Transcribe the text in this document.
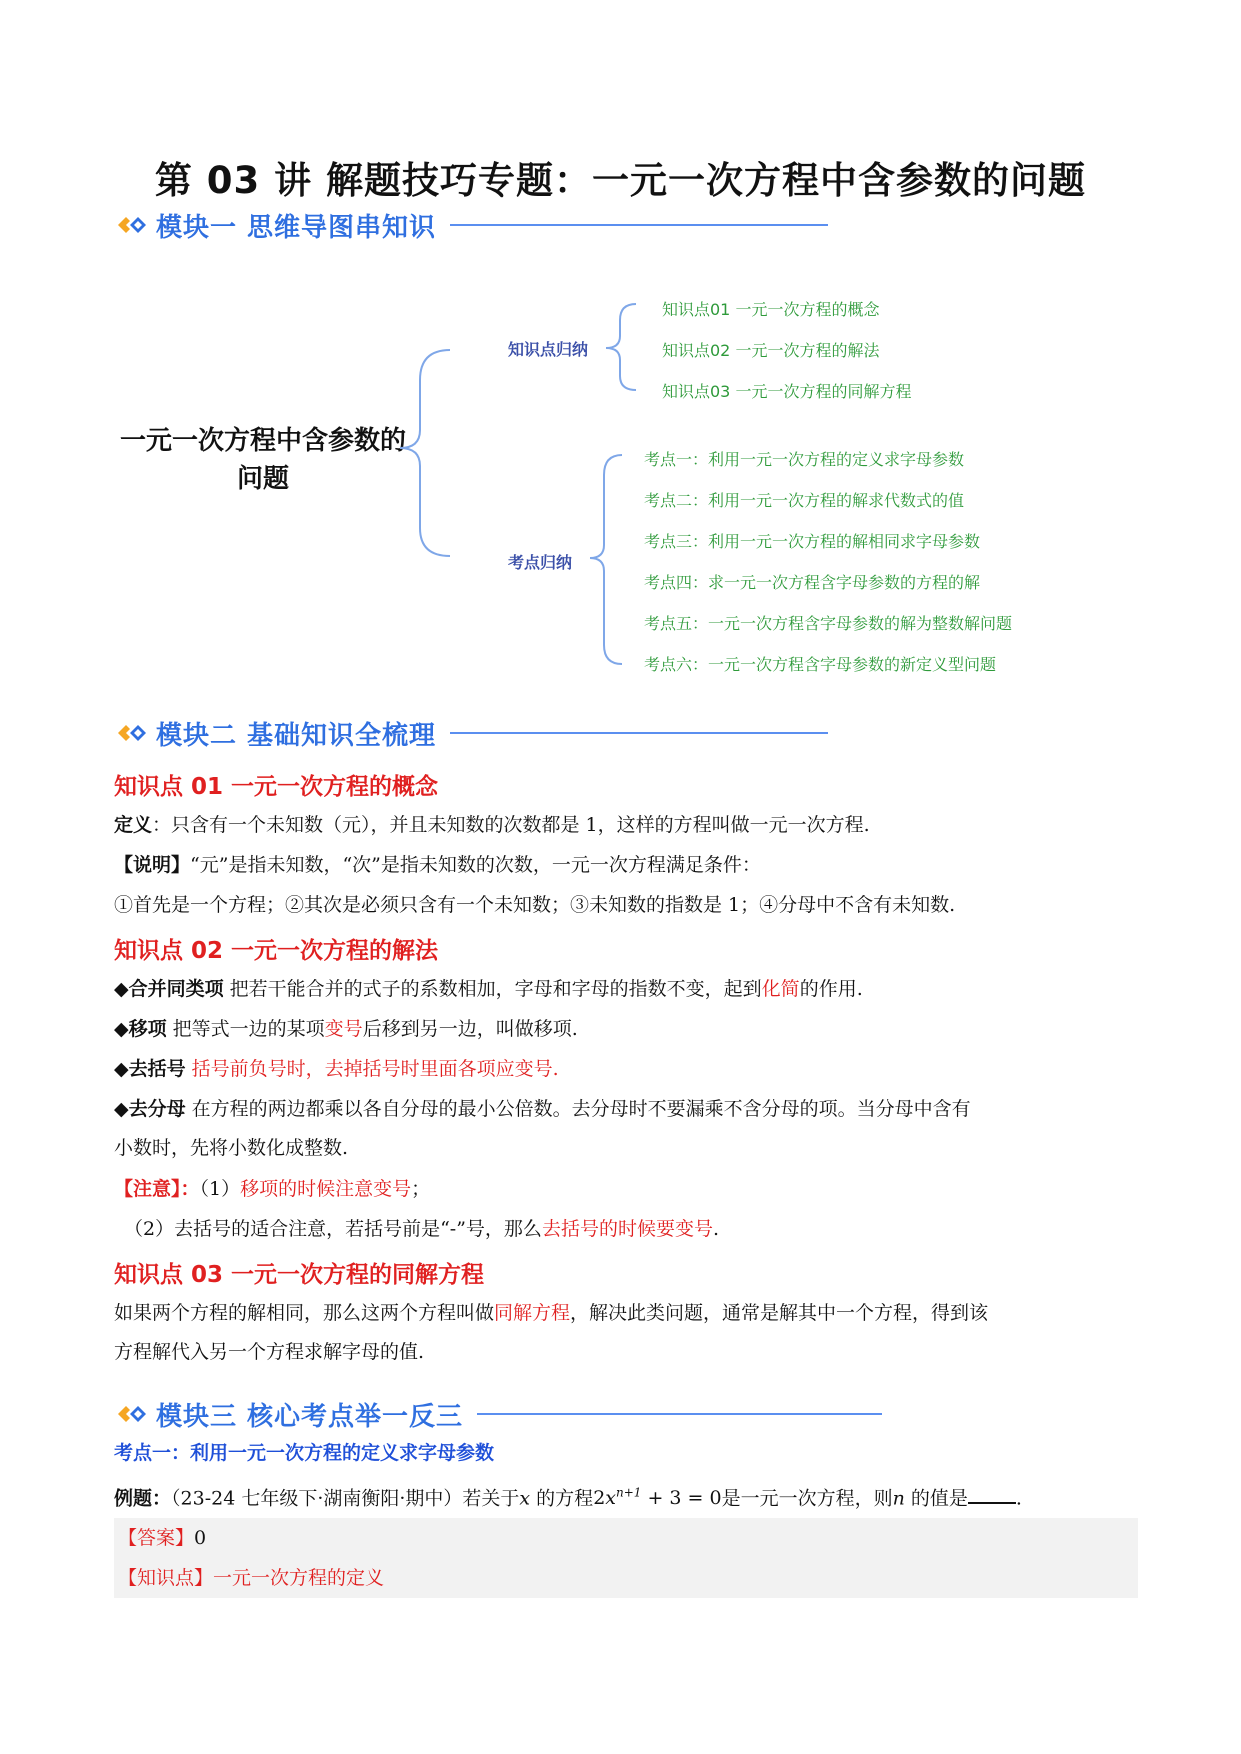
第 03 讲 解题技巧专题：一元一次方程中含参数的问题
模块一 思维导图串知识
一元一次方程中含参数的问题
知识点归纳
考点归纳
知识点01 一元一次方程的概念
知识点02 一元一次方程的解法
知识点03 一元一次方程的同解方程
考点一：利用一元一次方程的定义求字母参数
考点二：利用一元一次方程的解求代数式的值
考点三：利用一元一次方程的解相同求字母参数
考点四：求一元一次方程含字母参数的方程的解
考点五：一元一次方程含字母参数的解为整数解问题
考点六：一元一次方程含字母参数的新定义型问题
模块二 基础知识全梳理
知识点 01 一元一次方程的概念
定义：只含有一个未知数（元），并且未知数的次数都是 1，这样的方程叫做一元一次方程.
【说明】“元”是指未知数，“次”是指未知数的次数，一元一次方程满足条件：
①首先是一个方程；②其次是必须只含有一个未知数；③未知数的指数是 1；④分母中不含有未知数.
知识点 02 一元一次方程的解法
◆合并同类项 把若干能合并的式子的系数相加，字母和字母的指数不变，起到化简的作用.
◆移项 把等式一边的某项变号后移到另一边，叫做移项.
◆去括号 括号前负号时，去掉括号时里面各项应变号.
◆去分母 在方程的两边都乘以各自分母的最小公倍数。去分母时不要漏乘不含分母的项。当分母中含有
小数时，先将小数化成整数.
【注意】：（1）移项的时候注意变号；
（2）去括号的适合注意，若括号前是“-”号，那么去括号的时候要变号.
知识点 03 一元一次方程的同解方程
如果两个方程的解相同，那么这两个方程叫做同解方程，解决此类问题，通常是解其中一个方程，得到该
方程解代入另一个方程求解字母的值.
模块三 核心考点举一反三
考点一：利用一元一次方程的定义求字母参数
例题：（23-24 七年级下·湖南衡阳·期中）若关于x 的方程$2x^{n+1} + 3 = 0$是一元一次方程，则n 的值是	.
【答案】0
【知识点】一元一次方程的定义
